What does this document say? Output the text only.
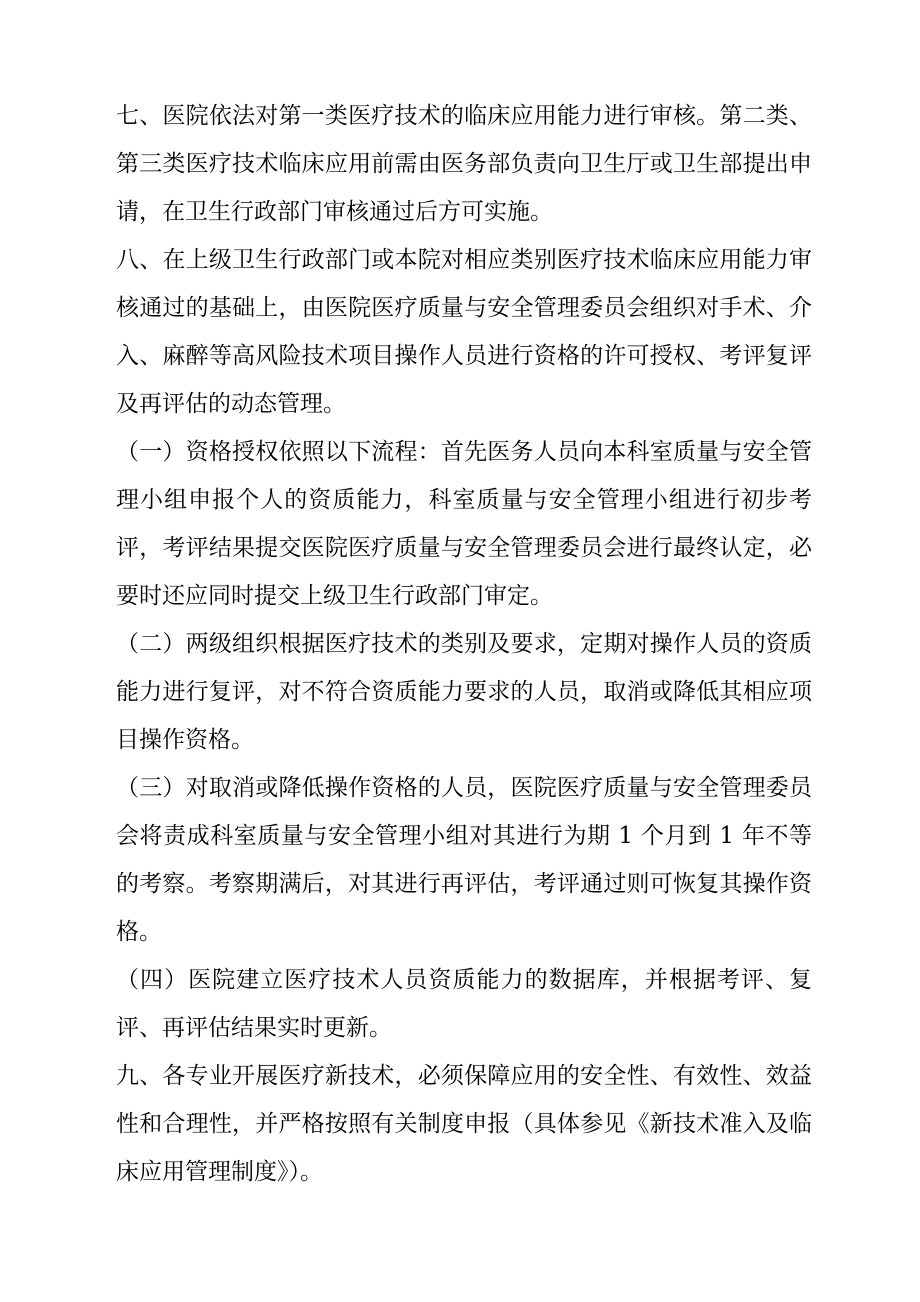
七、医院依法对第一类医疗技术的临床应用能力进行审核。第二类、第三类医疗技术临床应用前需由医务部负责向卫生厅或卫生部提出申请，在卫生行政部门审核通过后方可实施。

八、在上级卫生行政部门或本院对相应类别医疗技术临床应用能力审核通过的基础上，由医院医疗质量与安全管理委员会组织对手术、介入、麻醉等高风险技术项目操作人员进行资格的许可授权、考评复评及再评估的动态管理。

（一）资格授权依照以下流程：首先医务人员向本科室质量与安全管理小组申报个人的资质能力，科室质量与安全管理小组进行初步考评，考评结果提交医院医疗质量与安全管理委员会进行最终认定，必要时还应同时提交上级卫生行政部门审定。

（二）两级组织根据医疗技术的类别及要求，定期对操作人员的资质能力进行复评，对不符合资质能力要求的人员，取消或降低其相应项目操作资格。

（三）对取消或降低操作资格的人员，医院医疗质量与安全管理委员会将责成科室质量与安全管理小组对其进行为期 1 个月到 1 年不等的考察。考察期满后，对其进行再评估，考评通过则可恢复其操作资格。

（四）医院建立医疗技术人员资质能力的数据库，并根据考评、复评、再评估结果实时更新。

九、各专业开展医疗新技术，必须保障应用的安全性、有效性、效益性和合理性，并严格按照有关制度申报（具体参见《新技术准入及临床应用管理制度》）。
